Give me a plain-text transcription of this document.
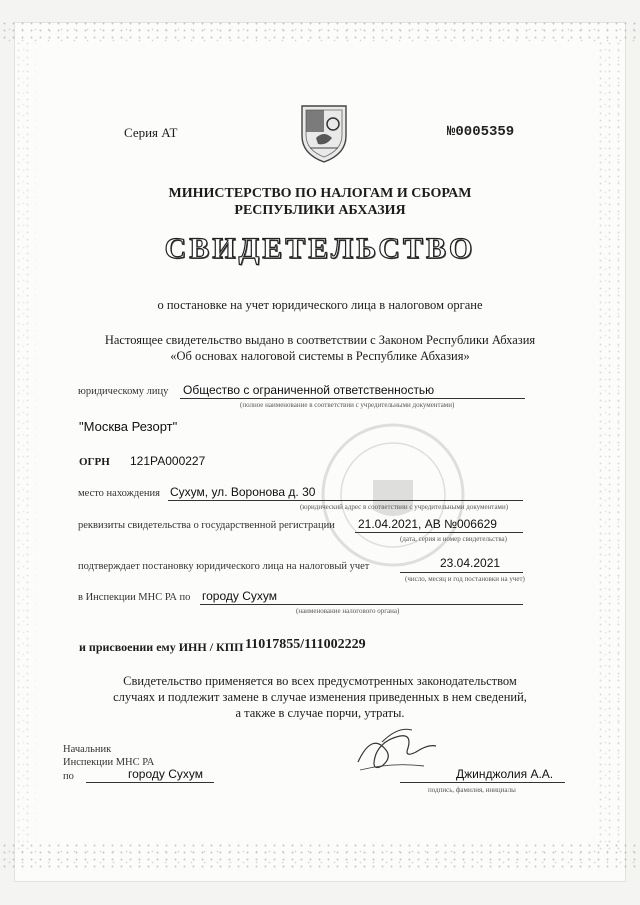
Серия АТ	№0005359
МИНИСТЕРСТВО ПО НАЛОГАМ И СБОРАМ
РЕСПУБЛИКИ АБХАЗИЯ
СВИДЕТЕЛЬСТВО
о постановке на учет юридического лица в налоговом органе
Настоящее свидетельство выдано в соответствии с Законом Республики Абхазия
«Об основах налоговой системы в Республике Абхазия»
юридическому лицу Общество с ограниченной ответственностью
(полное наименование в соответствии с учредительными документами)
"Москва Резорт"
ОГРН 121РА000227
место нахождения Сухум, ул. Воронова д. 30
(юридический адрес в соответствии с учредительными документами)
реквизиты свидетельства о государственной регистрации 21.04.2021, АВ №006629
(дата, серия и номер свидетельства)
подтверждает постановку юридического лица на налоговый учет	23.04.2021
(число, месяц и год постановки на учет)
в Инспекции МНС РА по городу Сухум
(наименование налогового органа)
и присвоении ему ИНН / КПП 11017855/111002229
Свидетельство применяется во всех предусмотренных законодательством
случаях и подлежит замене в случае изменения приведенных в нем сведений,
а также в случае порчи, утраты.
Начальник
Инспекции МНС РА
по	городу Сухум	Джинджолия А.А.
подпись, фамилия, инициалы
